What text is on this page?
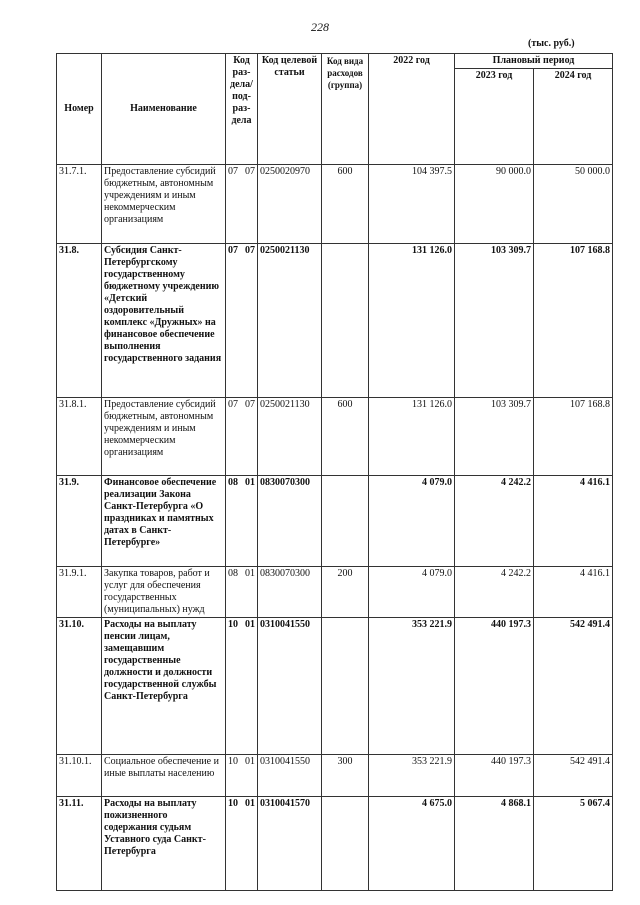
228
(тыс. руб.)
Номер	Наименование	Код раз-дела/ под-раз-дела	Код целевой статьи	Код вида расходов (группа)	2022 год	Плановый период	
						2023 год	2024 год
31.7.1.	Предоставление субсидий бюджетным, автономным учреждениям и иным некоммерческим организациям	07 07	0250020970	600	104 397.5	90 000.0	50 000.0
31.8.	Субсидия Санкт-Петербургскому государственному бюджетному учреждению «Детский оздоровительный комплекс «Дружных» на финансовое обеспечение выполнения государственного задания	07 07	0250021130		131 126.0	103 309.7	107 168.8
31.8.1.	Предоставление субсидий бюджетным, автономным учреждениям и иным некоммерческим организациям	07 07	0250021130	600	131 126.0	103 309.7	107 168.8
31.9.	Финансовое обеспечение реализации Закона Санкт-Петербурга «О праздниках и памятных датах в Санкт-Петербурге»	08 01	0830070300		4 079.0	4 242.2	4 416.1
31.9.1.	Закупка товаров, работ и услуг для обеспечения государственных (муниципальных) нужд	08 01	0830070300	200	4 079.0	4 242.2	4 416.1
31.10.	Расходы на выплату пенсии лицам, замещавшим государственные должности и должности государственной службы Санкт-Петербурга	10 01	0310041550		353 221.9	440 197.3	542 491.4
31.10.1.	Социальное обеспечение и иные выплаты населению	10 01	0310041550	300	353 221.9	440 197.3	542 491.4
31.11.	Расходы на выплату пожизненного содержания судьям Уставного суда Санкт-Петербурга	10 01	0310041570		4 675.0	4 868.1	5 067.4
